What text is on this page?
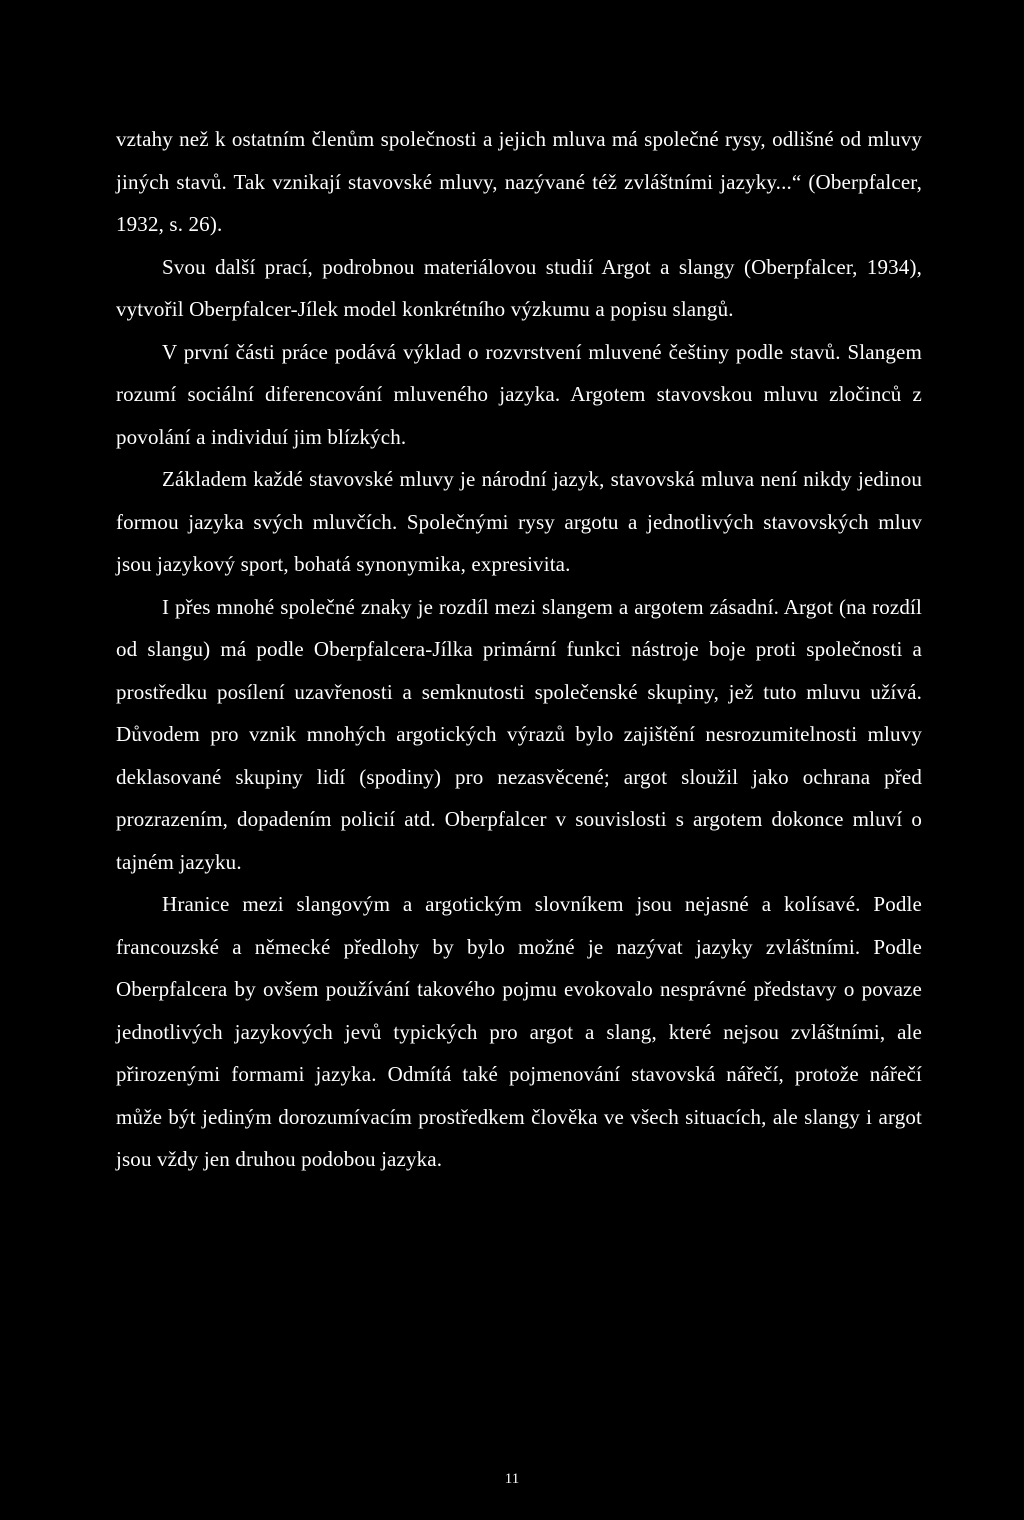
vztahy než k ostatním členům společnosti a jejich mluva má společné rysy, odlišné od mluvy jiných stavů. Tak vznikají stavovské mluvy, nazývané též zvláštními jazyky...“ (Oberpfalcer, 1932, s. 26).

Svou další prací, podrobnou materiálovou studií Argot a slangy (Oberpfalcer, 1934), vytvořil Oberpfalcer-Jílek model konkrétního výzkumu a popisu slangů.

V první části práce podává výklad o rozvrstvení mluvené češtiny podle stavů. Slangem rozumí sociální diferencování mluveného jazyka. Argotem stavovskou mluvu zločinců z povolání a individuí jim blízkých.

Základem každé stavovské mluvy je národní jazyk, stavovská mluva není nikdy jedinou formou jazyka svých mluvčích. Společnými rysy argotu a jednotlivých stavovských mluv jsou jazykový sport, bohatá synonymika, expresivita.

I přes mnohé společné znaky je rozdíl mezi slangem a argotem zásadní. Argot (na rozdíl od slangu) má podle Oberpfalcera-Jílka primární funkci nástroje boje proti společnosti a prostředku posílení uzavřenosti a semknutosti společenské skupiny, jež tuto mluvu užívá. Důvodem pro vznik mnohých argotických výrazů bylo zajištění nesrozumitelnosti mluvy deklasované skupiny lidí (spodiny) pro nezasvěcené; argot sloužil jako ochrana před prozrazením, dopadením policií atd. Oberpfalcer v souvislosti s argotem dokonce mluví o tajném jazyku.

Hranice mezi slangovým a argotickým slovníkem jsou nejasné a kolísavé. Podle francouzské a německé předlohy by bylo možné je nazývat jazyky zvláštními. Podle Oberpfalcera by ovšem používání takového pojmu evokovalo nesprávné představy o povaze jednotlivých jazykových jevů typických pro argot a slang, které nejsou zvláštními, ale přirozenými formami jazyka. Odmítá také pojmenování stavovská nářečí, protože nářečí může být jediným dorozumívacím prostředkem člověka ve všech situacích, ale slangy i argot jsou vždy jen druhou podobou jazyka.

11
